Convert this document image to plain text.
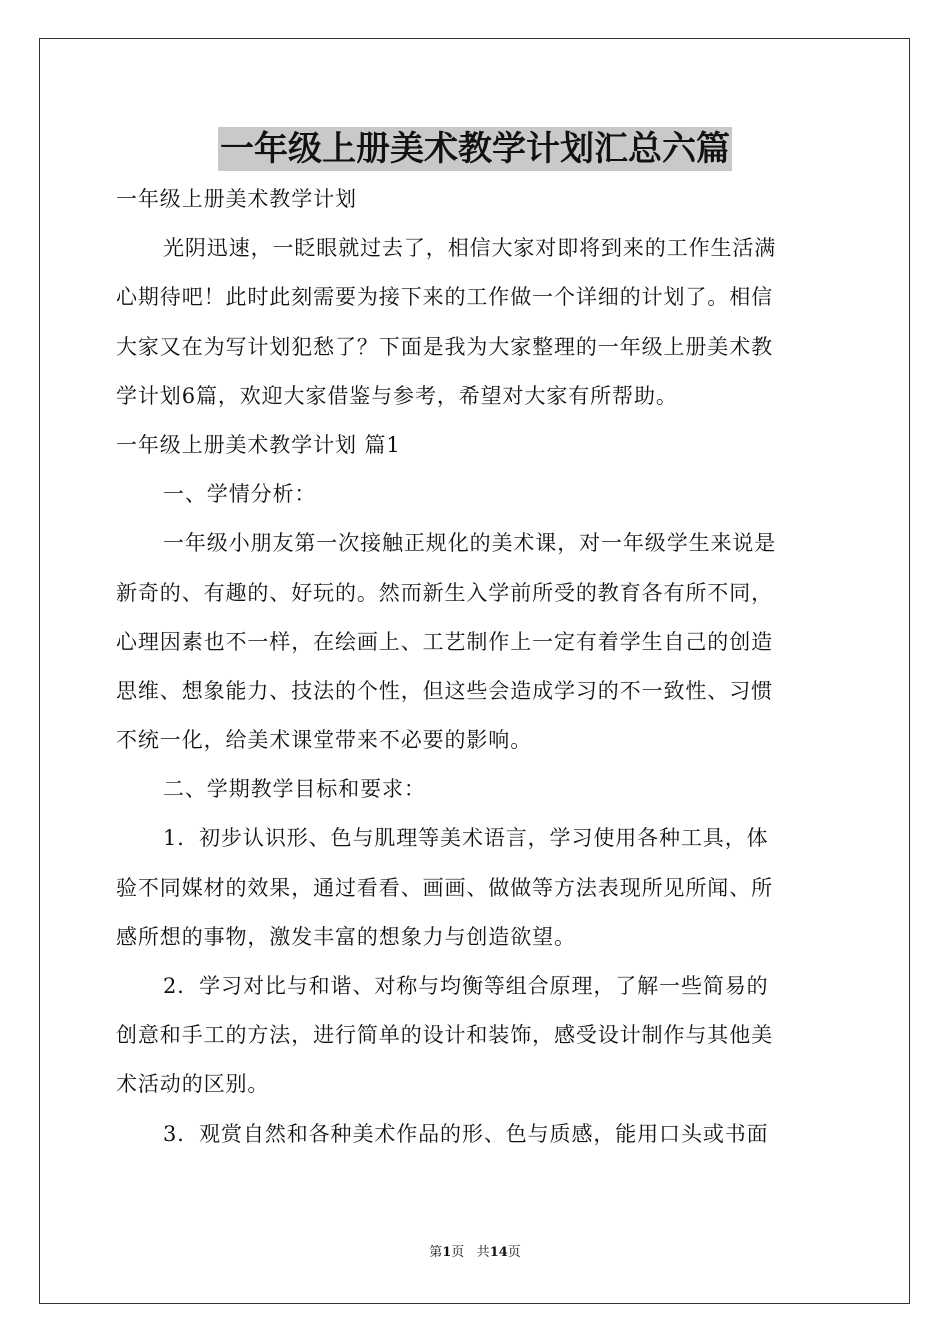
一年级上册美术教学计划汇总六篇
一年级上册美术教学计划
光阴迅速，一眨眼就过去了，相信大家对即将到来的工作生活满
心期待吧！此时此刻需要为接下来的工作做一个详细的计划了。相信
大家又在为写计划犯愁了？下面是我为大家整理的一年级上册美术教
学计划6篇，欢迎大家借鉴与参考，希望对大家有所帮助。
一年级上册美术教学计划 篇1
一、学情分析：
一年级小朋友第一次接触正规化的美术课，对一年级学生来说是
新奇的、有趣的、好玩的。然而新生入学前所受的教育各有所不同，
心理因素也不一样，在绘画上、工艺制作上一定有着学生自己的创造
思维、想象能力、技法的个性，但这些会造成学习的不一致性、习惯
不统一化，给美术课堂带来不必要的影响。
二、学期教学目标和要求：
1．初步认识形、色与肌理等美术语言，学习使用各种工具，体
验不同媒材的效果，通过看看、画画、做做等方法表现所见所闻、所
感所想的事物，激发丰富的想象力与创造欲望。
2．学习对比与和谐、对称与均衡等组合原理，了解一些简易的
创意和手工的方法，进行简单的设计和装饰，感受设计制作与其他美
术活动的区别。
3．观赏自然和各种美术作品的形、色与质感，能用口头或书面
第1页 共14页
